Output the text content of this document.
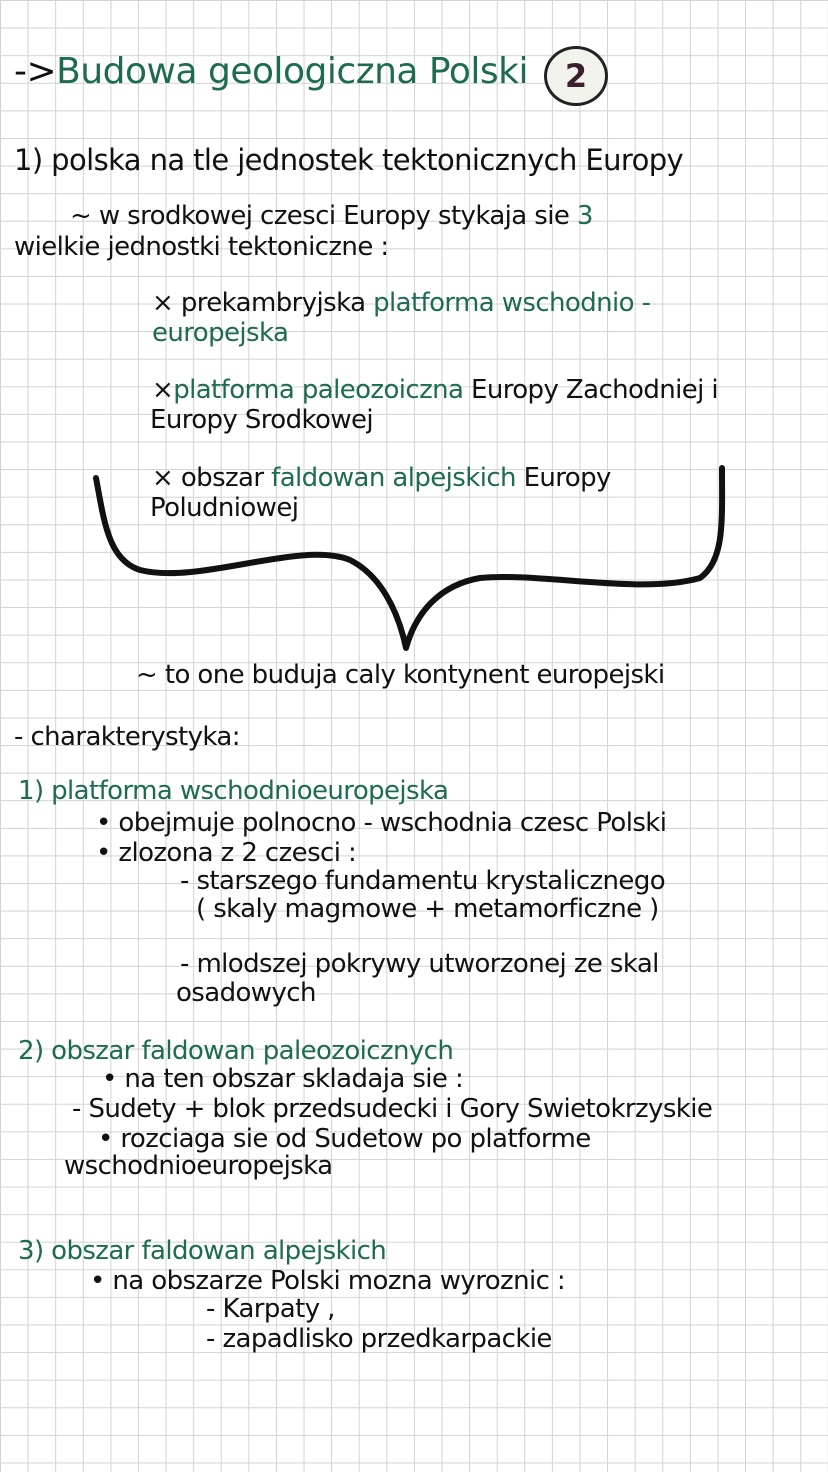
->Budowa geologiczna Polski	2
1) polska na tle jednostek tektonicznych Europy
~ w srodkowej czesci Europy stykaja sie 3
wielkie jednostki tektoniczne :
× prekambryjska platforma wschodnio -
europejska
×platforma paleozoiczna Europy Zachodniej i
Europy Srodkowej
× obszar faldowan alpejskich Europy
Poludniowej
~ to one buduja caly kontynent europejski
- charakterystyka:
1) platforma wschodnioeuropejska
• obejmuje polnocno - wschodnia czesc Polski
• zlozona z 2 czesci :
- starszego fundamentu krystalicznego
( skaly magmowe + metamorficzne )
- mlodszej pokrywy utworzonej ze skal
osadowych
2) obszar faldowan paleozoicznych
• na ten obszar skladaja sie :
- Sudety + blok przedsudecki i Gory Swietokrzyskie
• rozciaga sie od Sudetow po platforme
wschodnioeuropejska
3) obszar faldowan alpejskich
• na obszarze Polski mozna wyroznic :
- Karpaty ,
- zapadlisko przedkarpackie
